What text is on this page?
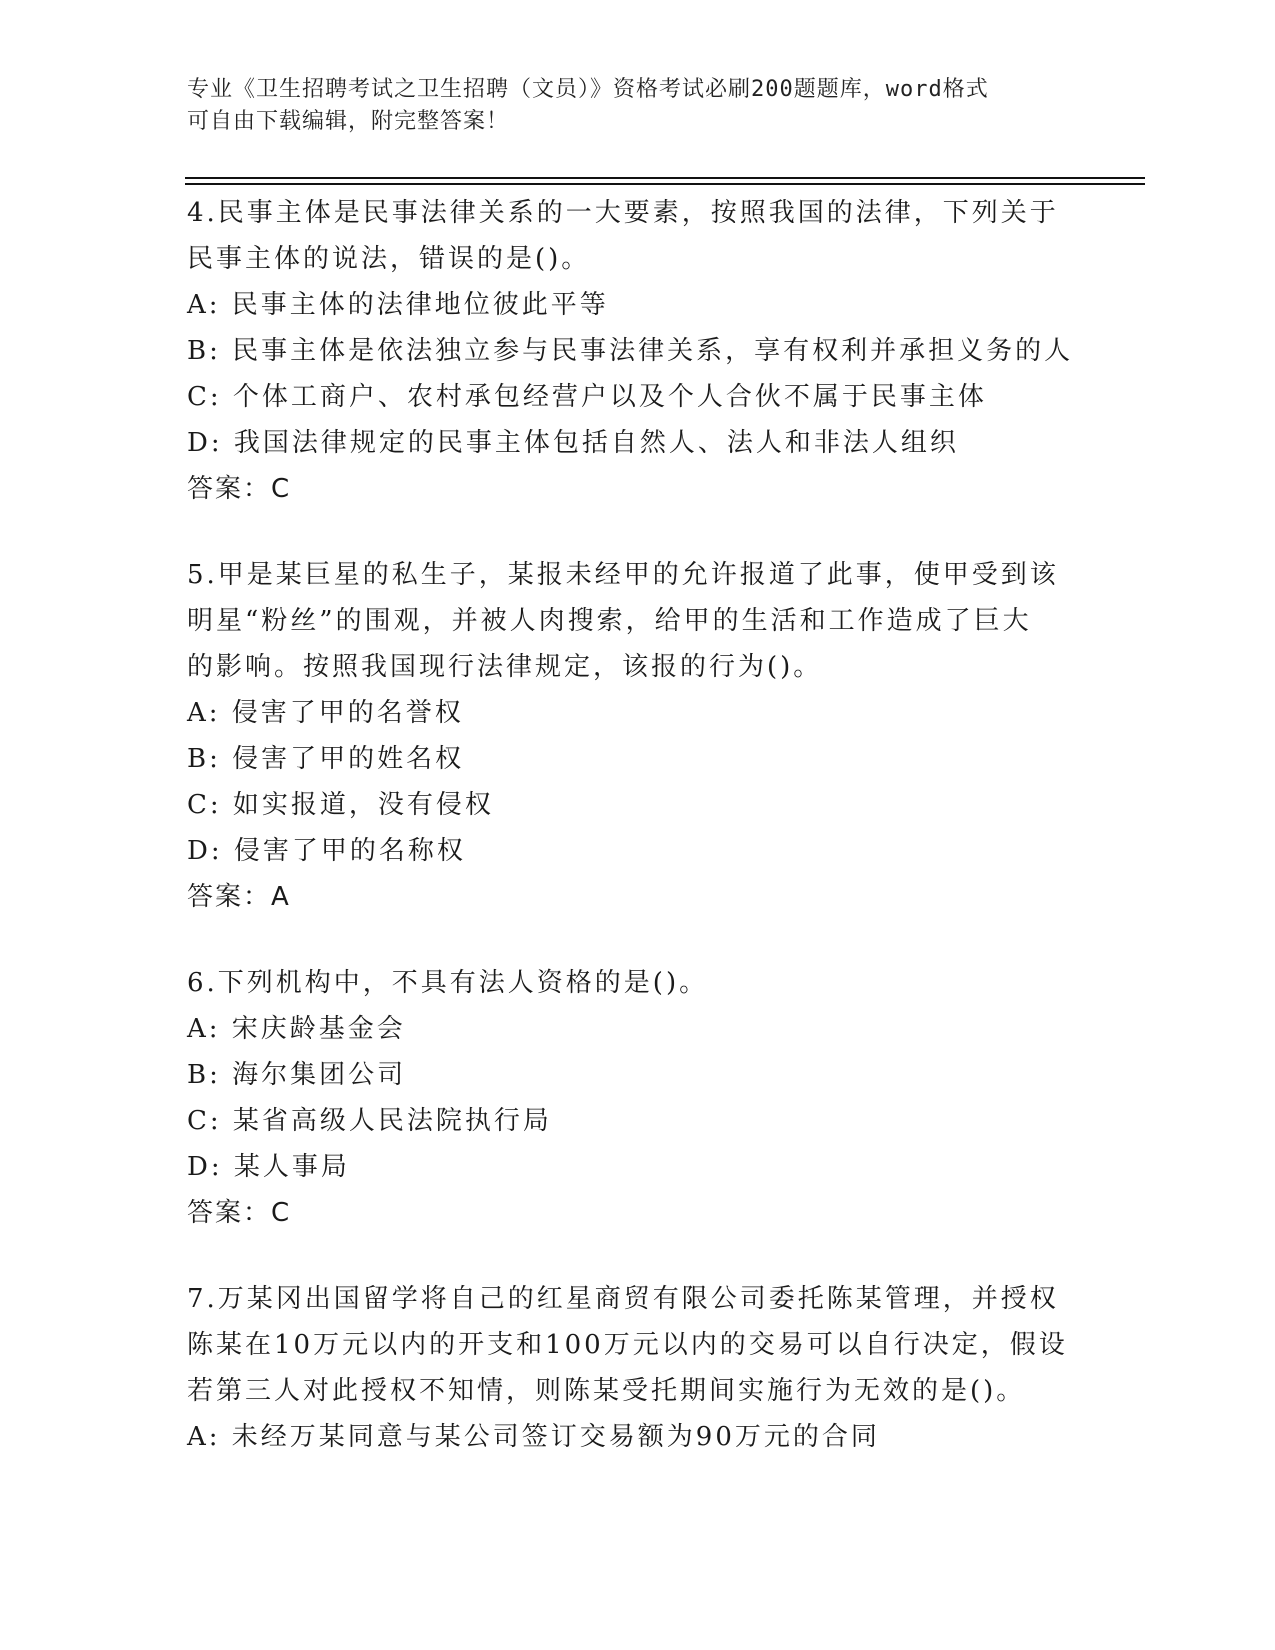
专业《卫生招聘考试之卫生招聘（文员）》资格考试必刷200题题库，word格式
可自由下载编辑，附完整答案！
4.民事主体是民事法律关系的一大要素，按照我国的法律，下列关于
民事主体的说法，错误的是()。
A: 民事主体的法律地位彼此平等
B: 民事主体是依法独立参与民事法律关系，享有权利并承担义务的人
C: 个体工商户、农村承包经营户以及个人合伙不属于民事主体
D: 我国法律规定的民事主体包括自然人、法人和非法人组织
答案：C
5.甲是某巨星的私生子，某报未经甲的允许报道了此事，使甲受到该
明星“粉丝”的围观，并被人肉搜索，给甲的生活和工作造成了巨大
的影响。按照我国现行法律规定，该报的行为()。
A: 侵害了甲的名誉权
B: 侵害了甲的姓名权
C: 如实报道，没有侵权
D: 侵害了甲的名称权
答案：A
6.下列机构中，不具有法人资格的是()。
A: 宋庆龄基金会
B: 海尔集团公司
C: 某省高级人民法院执行局
D: 某人事局
答案：C
7.万某冈出国留学将自己的红星商贸有限公司委托陈某管理，并授权
陈某在10万元以内的开支和100万元以内的交易可以自行决定，假设
若第三人对此授权不知情，则陈某受托期间实施行为无效的是()。
A: 未经万某同意与某公司签订交易额为90万元的合同
